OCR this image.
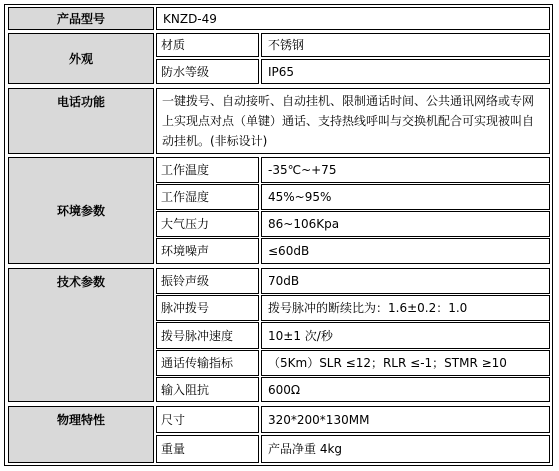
产品型号	KNZD-49
外观
材质	不锈钢
防水等级	IP65
电话功能	一键拨号、自动接听、自动挂机、限制通话时间、公共通讯网络或专网上实现点对点（单键）通话、支持热线呼叫与交换机配合可实现被叫自动挂机。(非标设计)
环境参数
工作温度	-35℃~+75
工作湿度	45%~95%
大气压力	86~106Kpa
环境噪声	≤60dB
技术参数	振铃声级	70dB
脉冲拨号	拨号脉冲的断续比为：1.6±0.2：1.0
拨号脉冲速度	10±1 次/秒
通话传输指标	（5Km）SLR ≤12；RLR ≤-1；STMR ≥10
输入阻抗	600Ω
物理特性	尺寸	320*200*130MM
重量	产品净重 4kg
